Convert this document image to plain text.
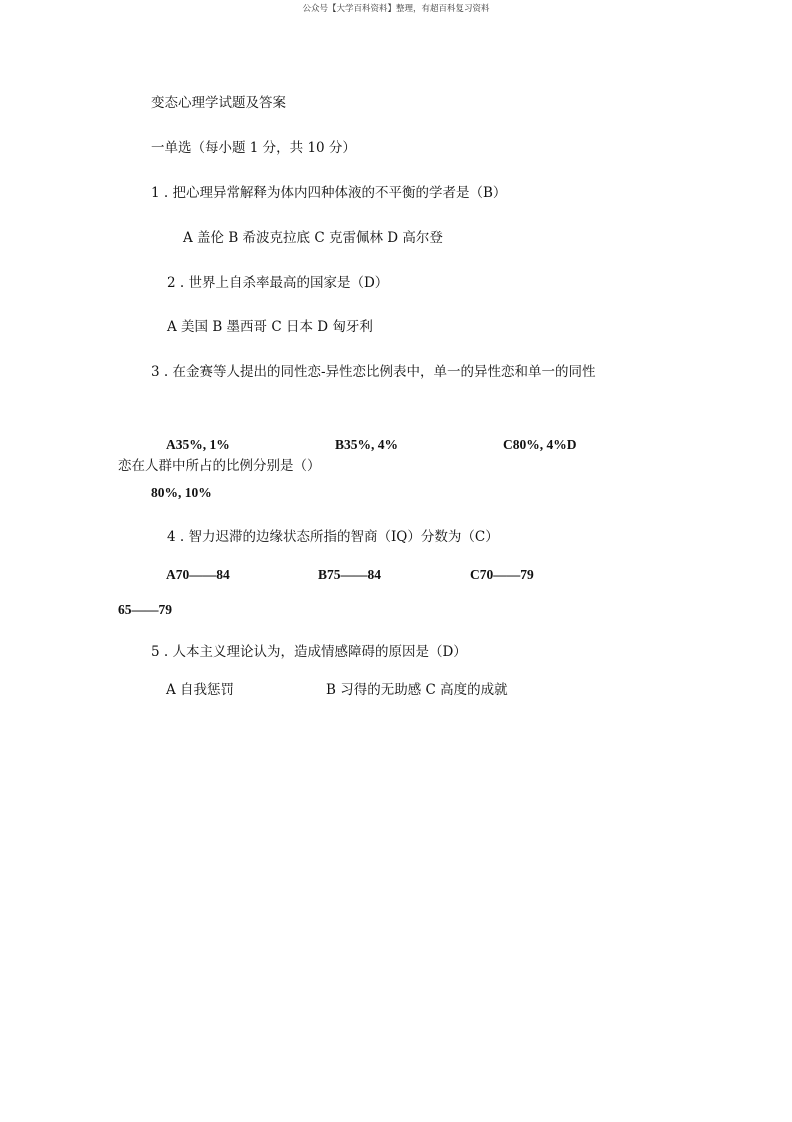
公众号【大学百科资料】整理，有超百科复习资料
变态心理学试题及答案
一单选（每小题 1 分，共 10 分）
1 . 把心理异常解释为体内四种体液的不平衡的学者是（B）
A 盖伦 B 希波克拉底 C 克雷佩林 D 高尔登
2 . 世界上自杀率最高的国家是（D）
A 美国 B 墨西哥 C 日本 D 匈牙利
3 . 在金赛等人提出的同性恋-异性恋比例表中，单一的异性恋和单一的同性
A35%, 1%	B35%, 4%	C80%, 4%D
恋在人群中所占的比例分别是（）
80%, 10%
4 . 智力迟滞的边缘状态所指的智商（IQ）分数为（C）
A70——84	B75——84	C70——79
65——79
5 . 人本主义理论认为，造成情感障碍的原因是（D）
A 自我惩罚	B 习得的无助感 C 高度的成就
